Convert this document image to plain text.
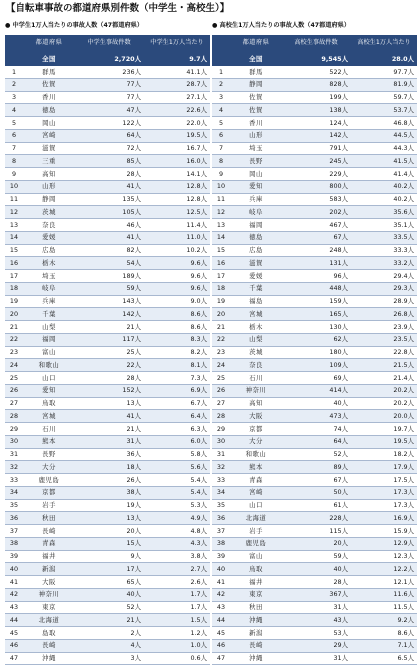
【自転車事故の都道府県別件数（中学生・高校生）】
● 中学生1万人当たりの事故人数（47都道府県）
	都道府県	中学生事故件数	中学生1万人当たり
	全国	2,720人	9.7人
1	群馬	236人	41.1人
2	佐賀	77人	28.7人
3	香川	77人	27.1人
4	徳島	47人	22.6人
5	岡山	122人	22.0人
6	宮崎	64人	19.5人
7	滋賀	72人	16.7人
8	三重	85人	16.0人
9	高知	28人	14.1人
10	山形	41人	12.8人
11	静岡	135人	12.8人
12	茨城	105人	12.5人
13	奈良	46人	11.4人
14	愛媛	41人	11.0人
15	広島	82人	10.2人
16	栃木	54人	9.6人
17	埼玉	189人	9.6人
18	岐阜	59人	9.6人
19	兵庫	143人	9.0人
20	千葉	142人	8.6人
21	山梨	21人	8.6人
22	福岡	117人	8.3人
23	富山	25人	8.2人
24	和歌山	22人	8.1人
25	山口	28人	7.3人
26	愛知	152人	6.9人
27	鳥取	13人	6.7人
28	宮城	41人	6.4人
29	石川	21人	6.3人
30	熊本	31人	6.0人
31	長野	36人	5.8人
32	大分	18人	5.6人
33	鹿児島	26人	5.4人
34	京都	38人	5.4人
35	岩手	19人	5.3人
36	秋田	13人	4.9人
37	長崎	20人	4.8人
38	青森	15人	4.3人
39	福井	9人	3.8人
40	新潟	17人	2.7人
41	大阪	65人	2.6人
42	神奈川	40人	1.7人
43	東京	52人	1.7人
44	北海道	21人	1.5人
45	島取	2人	1.2人
46	長崎	4人	1.0人
47	沖縄	3人	0.6人
● 高校生1万人当たりの事故人数（47都道府県）
	都道府県	高校生事故件数	高校生1万人当たり
	全国	9,545人	28.0人
1	群馬	522人	97.7人
2	静岡	828人	81.9人
3	佐賀	199人	59.7人
4	佐賀	138人	53.7人
5	香川	124人	46.8人
6	山形	142人	44.5人
7	埼玉	791人	44.3人
8	長野	245人	41.5人
9	岡山	229人	41.4人
10	愛知	800人	40.2人
11	兵庫	583人	40.2人
12	岐阜	202人	35.6人
13	福岡	467人	35.1人
14	徳島	67人	33.5人
15	広島	248人	33.3人
16	滋賀	131人	33.2人
17	愛媛	96人	29.4人
18	千葉	448人	29.3人
19	福島	159人	28.9人
20	宮城	165人	26.8人
21	栃木	130人	23.9人
22	山梨	62人	23.5人
23	茨城	180人	22.8人
24	奈良	109人	21.5人
25	石川	69人	21.4人
26	神奈川	414人	20.2人
27	高知	40人	20.2人
28	大阪	473人	20.0人
29	京都	74人	19.7人
30	大分	64人	19.5人
31	和歌山	52人	18.2人
32	熊本	89人	17.9人
33	青森	67人	17.5人
34	宮崎	50人	17.3人
35	山口	61人	17.3人
36	北海道	228人	16.9人
37	岩手	115人	15.9人
38	鹿児島	20人	12.9人
39	富山	59人	12.3人
40	鳥取	40人	12.2人
41	福井	28人	12.1人
42	東京	367人	11.6人
43	秋田	31人	11.5人
44	沖縄	43人	9.2人
45	新潟	53人	8.6人
46	長崎	29人	7.1人
47	沖縄	31人	6.5人
